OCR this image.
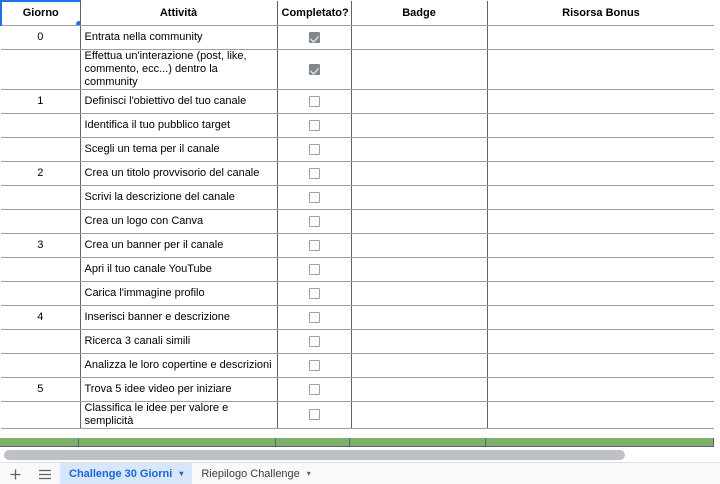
Giorno	Attività	Completato?	Badge	Risorsa Bonus
0	Entrata nella community			
	Effettua un'interazione (post, like, commento, ecc...) dentro la community			
1	Definisci l'obiettivo del tuo canale			
	Identifica il tuo pubblico target			
	Scegli un tema per il canale			
2	Crea un titolo provvisorio del canale			
	Scrivi la descrizione del canale			
	Crea un logo con Canva			
3	Crea un banner per il canale			
	Apri il tuo canale YouTube			
	Carica l'immagine profilo			
4	Inserisci banner e descrizione			
	Ricerca 3 canali simili			
	Analizza le loro copertine e descrizioni			
5	Trova 5 idee video per iniziare			
	Classifica le idee per valore e semplicità			
Challenge 30 Giorni ▾ Riepilogo Challenge ▾
